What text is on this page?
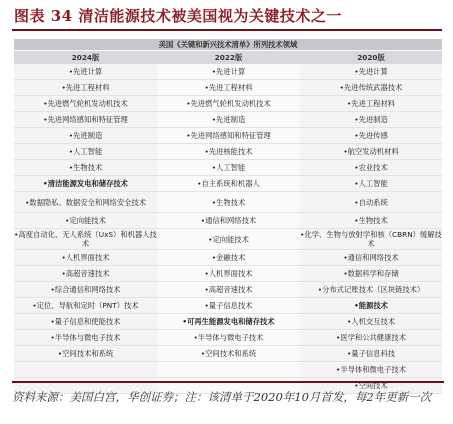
图表 34 清洁能源技术被美国视为关键技术之一
美国《关键和新兴技术清单》所列技术领域		
2024版	2022版	2020版
•先进计算	•先进计算	•先进计算
•先进工程材料	•先进工程材料	•先进传统武器技术
•先进燃气轮机发动机技术	•先进燃气轮机发动机技术	•先进工程材料
•先进网络感知和特征管理	•先进制造	•先进制造
•先进制造	•先进网络感知和特征管理	•先进传感
•人工智能	•先进核能技术	•航空发动机材料
•生物技术	•人工智能	•农业技术
•清洁能源发电和储存技术	•自主系统和机器人	•人工智能
•数据隐私、数据安全和网络安全技术	•生物技术	•自动系统
•定向能技术	•通信和网络技术	•生物技术
•高度自动化、无人系统（UxS）和机器人技术	•定向能技术	•化学、生物与放射学和核（CBRN）缓解技术
•人机界面技术	•金融技术	•通信和网络技术
•高超音速技术	•人机界面技术	•数据科学和存储
•综合通信和网络技术	•高超音速技术	•分布式记账技术（区块链技术）
•定位、导航和定时（PNT）技术	•量子信息技术	•能源技术
•量子信息和使能技术	•可再生能源发电和储存技术	•人机交互技术
•半导体与微电子技术	•半导体与微电子技术	•医学和公共健康技术
•空间技术和系统	•空间技术和系统	•量子信息科技
		•半导体和微电子技术
		•空间技术
资料来源：美国白宫，华创证券；注：该清单于2020年10月首发，每2年更新一次
